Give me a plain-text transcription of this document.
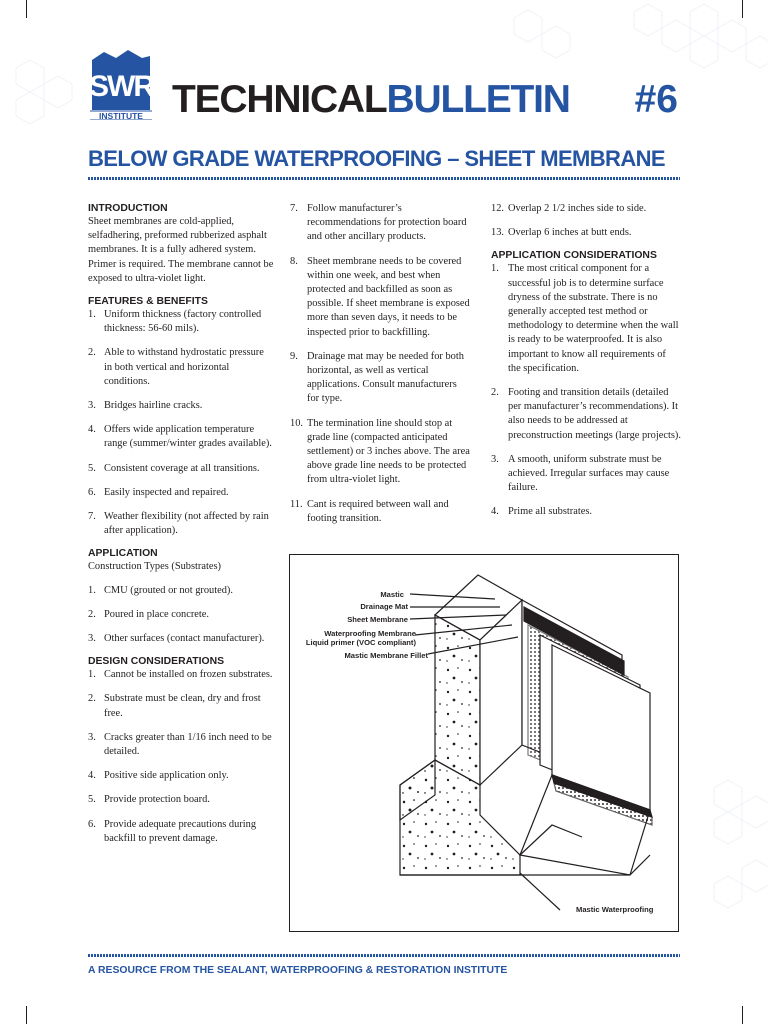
SWR
INSTITUTE TECHNICALBULLETIN #6
BELOW GRADE WATERPROOFING – SHEET MEMBRANE
INTRODUCTION

Sheet membranes are cold-applied, selfadhering, preformed rubberized asphalt membranes. It is a fully adhered system. Primer is required. The membrane cannot be exposed to ultra-violet light.

FEATURES & BENEFITS
1. Uniform thickness (factory controlled thickness: 56-60 mils).
2. Able to withstand hydrostatic pressure in both vertical and horizontal conditions.
3. Bridges hairline cracks.
4. Offers wide application temperature range (summer/winter grades available).
5. Consistent coverage at all transitions.
6. Easily inspected and repaired.
7. Weather flexibility (not affected by rain after application).
APPLICATION

Construction Types (Substrates)

1. CMU (grouted or not grouted).
2. Poured in place concrete.
3. Other surfaces (contact manufacturer).
DESIGN CONSIDERATIONS
1. Cannot be installed on frozen substrates.
2. Substrate must be clean, dry and frost free.
3. Cracks greater than 1/16 inch need to be detailed.
4. Positive side application only.
5. Provide protection board.
6. Provide adequate precautions during backfill to prevent damage.
7. Follow manufacturer’s recommendations for protection board and other ancillary products.
8. Sheet membrane needs to be covered within one week, and best when protected and backfilled as soon as possible. If sheet membrane is exposed more than seven days, it needs to be inspected prior to backfilling.
9. Drainage mat may be needed for both horizontal, as well as vertical applications. Consult manufacturers for type.
10. The termination line should stop at grade line (compacted anticipated settlement) or 3 inches above. The area above grade line needs to be protected from ultra-violet light.
11. Cant is required between wall and footing transition.
12. Overlap 2 1/2 inches side to side.
13. Overlap 6 inches at butt ends.
APPLICATION CONSIDERATIONS
1. The most critical component for a successful job is to determine surface dryness of the substrate. There is no generally accepted test method or methodology to determine when the wall is ready to be waterproofed. It is also important to know all requirements of the specification.
2. Footing and transition details (detailed per manufacturer’s recommendations). It also needs to be addressed at preconstruction meetings (large projects).
3. A smooth, uniform substrate must be achieved. Irregular surfaces may cause failure.
4. Prime all substrates.
Mastic
Drainage Mat
Sheet Membrane
Waterproofing Membrane
Liquid primer (VOC compliant)
Mastic Membrane Fillet
Mastic Waterproofing
A RESOURCE FROM THE SEALANT, WATERPROOFING & RESTORATION INSTITUTE
